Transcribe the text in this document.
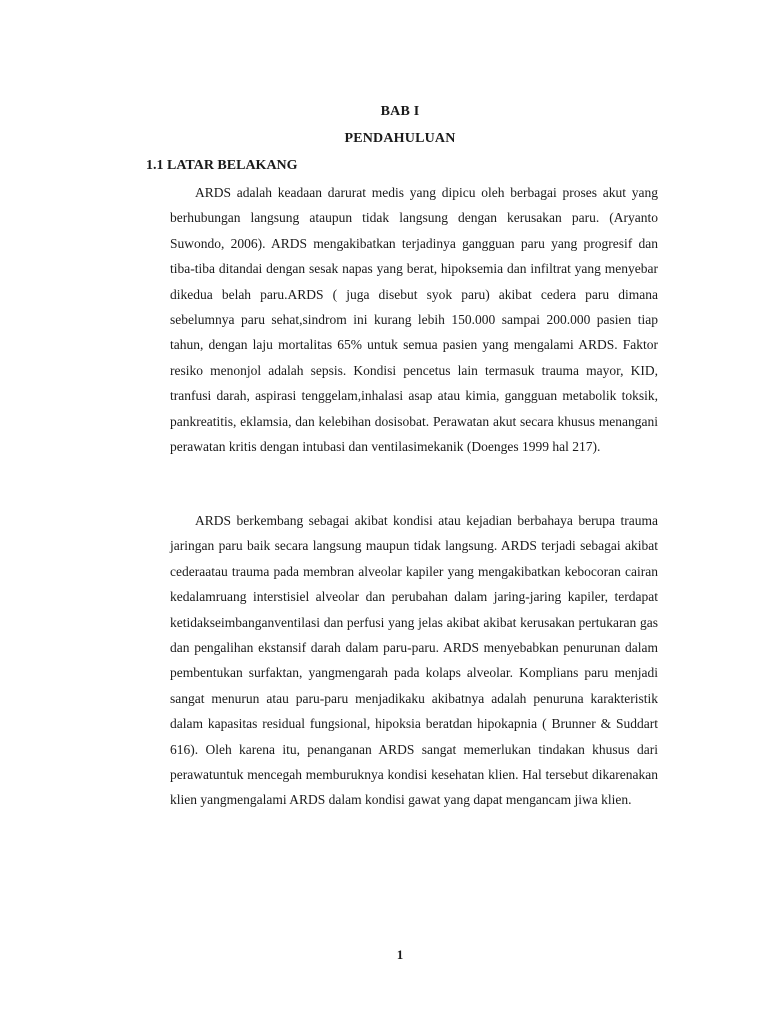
BAB I
PENDAHULUAN
1.1 LATAR BELAKANG

ARDS adalah keadaan darurat medis yang dipicu oleh berbagai proses akut yang berhubungan langsung ataupun tidak langsung dengan kerusakan paru. (Aryanto Suwondo, 2006). ARDS mengakibatkan terjadinya gangguan paru yang progresif dan tiba-tiba ditandai dengan sesak napas yang berat, hipoksemia dan infiltrat yang menyebar dikedua belah paru.ARDS ( juga disebut syok paru) akibat cedera paru dimana sebelumnya paru sehat,sindrom ini kurang lebih 150.000 sampai 200.000 pasien tiap tahun, dengan laju mortalitas 65% untuk semua pasien yang mengalami ARDS. Faktor resiko menonjol adalah sepsis. Kondisi pencetus lain termasuk trauma mayor, KID, tranfusi darah, aspirasi tenggelam,inhalasi asap atau kimia, gangguan metabolik toksik, pankreatitis, eklamsia, dan kelebihan dosisobat. Perawatan akut secara khusus menangani perawatan kritis dengan intubasi dan ventilasimekanik (Doenges 1999 hal 217).

ARDS berkembang sebagai akibat kondisi atau kejadian berbahaya berupa trauma jaringan paru baik secara langsung maupun tidak langsung. ARDS terjadi sebagai akibat cederaatau trauma pada membran alveolar kapiler yang mengakibatkan kebocoran cairan kedalamruang interstisiel alveolar dan perubahan dalam jaring-jaring kapiler, terdapat ketidakseimbanganventilasi dan perfusi yang jelas akibat akibat kerusakan pertukaran gas dan pengalihan ekstansif darah dalam paru-paru. ARDS menyebabkan penurunan dalam pembentukan surfaktan, yangmengarah pada kolaps alveolar. Komplians paru menjadi sangat menurun atau paru-paru menjadikaku akibatnya adalah penuruna karakteristik dalam kapasitas residual fungsional, hipoksia beratdan hipokapnia ( Brunner & Suddart 616). Oleh karena itu, penanganan ARDS sangat memerlukan tindakan khusus dari perawatuntuk mencegah memburuknya kondisi kesehatan klien. Hal tersebut dikarenakan klien yangmengalami ARDS dalam kondisi gawat yang dapat mengancam jiwa klien.

1
